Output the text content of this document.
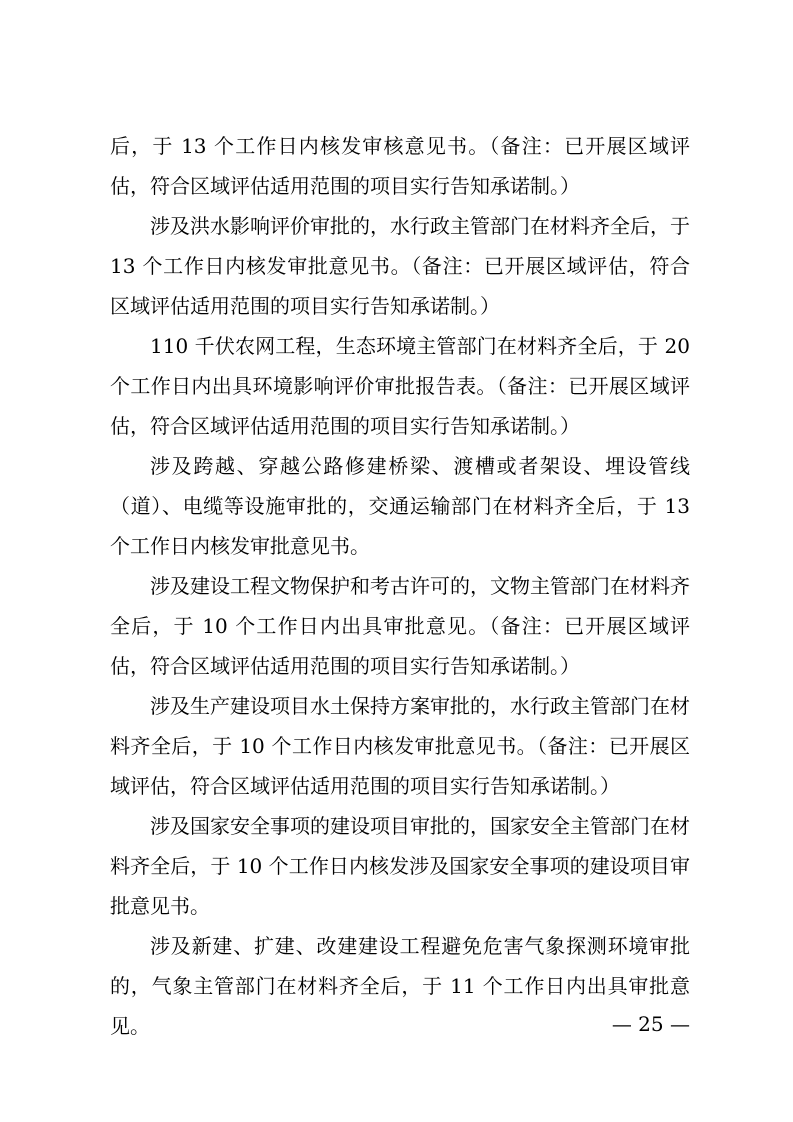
后，于 13 个工作日内核发审核意见书。（备注：已开展区域评估，符合区域评估适用范围的项目实行告知承诺制。）

涉及洪水影响评价审批的，水行政主管部门在材料齐全后，于 13 个工作日内核发审批意见书。（备注：已开展区域评估，符合区域评估适用范围的项目实行告知承诺制。）

110 千伏农网工程，生态环境主管部门在材料齐全后，于 20 个工作日内出具环境影响评价审批报告表。（备注：已开展区域评估，符合区域评估适用范围的项目实行告知承诺制。）

涉及跨越、穿越公路修建桥梁、渡槽或者架设、埋设管线（道）、电缆等设施审批的，交通运输部门在材料齐全后，于 13 个工作日内核发审批意见书。

涉及建设工程文物保护和考古许可的，文物主管部门在材料齐全后，于 10 个工作日内出具审批意见。（备注：已开展区域评估，符合区域评估适用范围的项目实行告知承诺制。）

涉及生产建设项目水土保持方案审批的，水行政主管部门在材料齐全后，于 10 个工作日内核发审批意见书。（备注：已开展区域评估，符合区域评估适用范围的项目实行告知承诺制。）

涉及国家安全事项的建设项目审批的，国家安全主管部门在材料齐全后，于 10 个工作日内核发涉及国家安全事项的建设项目审批意见书。

涉及新建、扩建、改建建设工程避免危害气象探测环境审批的，气象主管部门在材料齐全后，于 11 个工作日内出具审批意见。	— 25 —
